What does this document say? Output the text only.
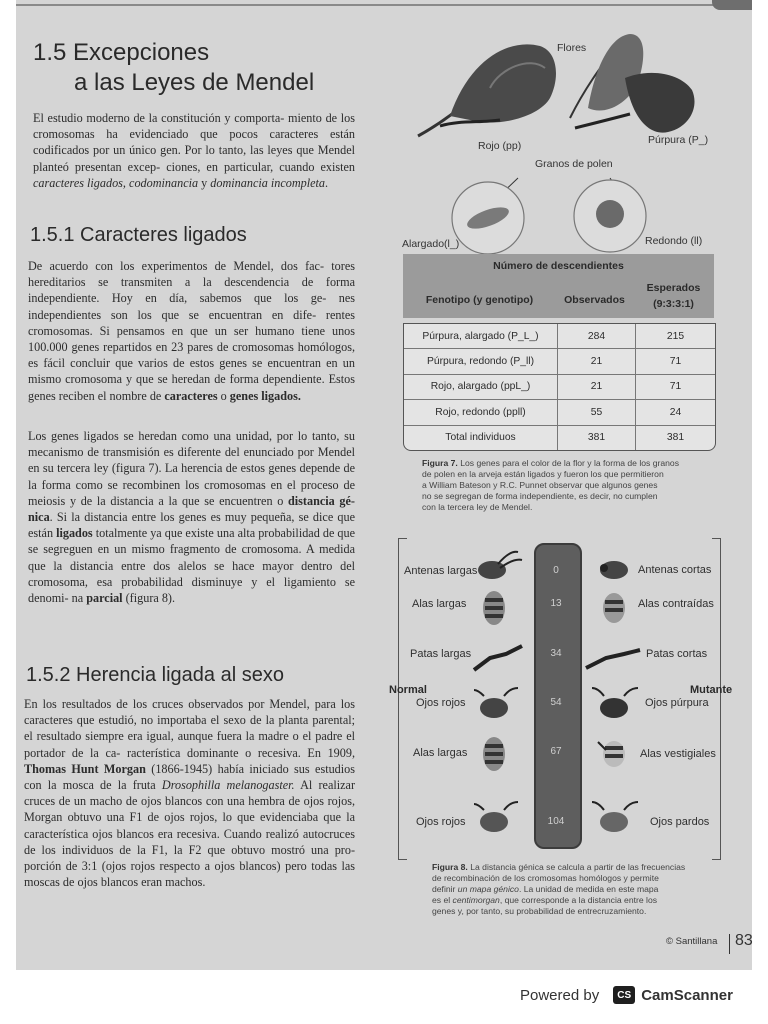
1.5 Excepciones
a las Leyes de Mendel
El estudio moderno de la constitución y comporta- miento de los cromosomas ha evidenciado que pocos caracteres están codificados por un único gen. Por lo tanto, las leyes que Mendel planteó presentan excep- ciones, en particular, cuando existen caracteres ligados, codominancia y dominancia incompleta.
1.5.1 Caracteres ligados
De acuerdo con los experimentos de Mendel, dos fac- tores hereditarios se transmiten a la descendencia de forma independiente. Hoy en día, sabemos que los ge- nes independientes son los que se encuentran en dife- rentes cromosomas. Si pensamos en que un ser humano tiene unos 100.000 genes repartidos en 23 pares de cromosomas homólogos, es fácil concluir que varios de estos genes se encuentran en un mismo cromosoma y que se heredan de forma dependiente. Estos genes reciben el nombre de caracteres o genes ligados.
Los genes ligados se heredan como una unidad, por lo tanto, su mecanismo de transmisión es diferente del enunciado por Mendel en su tercera ley (figura 7). La herencia de estos genes depende de la forma como se recombinen los cromosomas en el proceso de meiosis y de la distancia a la que se encuentren o distancia gé- nica. Si la distancia entre los genes es muy pequeña, se dice que están ligados totalmente ya que existe una alta probabilidad de que se segreguen en un mismo fragmento de cromosoma. A medida que la distancia entre dos alelos se hace mayor dentro del cromosoma, esa probabilidad disminuye y el ligamiento se denomi- na parcial (figura 8).
1.5.2 Herencia ligada al sexo
En los resultados de los cruces observados por Mendel, para los caracteres que estudió, no importaba el sexo de la planta parental; el resultado siempre era igual, aunque fuera la madre o el padre el portador de la ca- racterística dominante o recesiva. En 1909, Thomas Hunt Morgan (1866-1945) había iniciado sus estudios con la mosca de la fruta Drosophilla melanogaster. Al realizar cruces de un macho de ojos blancos con una hembra de ojos rojos, Morgan obtuvo una F1 de ojos rojos, lo que evidenciaba que la característica ojos blancos era recesiva. Cuando realizó autocruces de los individuos de la F1, la F2 que obtuvo mostró una pro- porción de 3:1 (ojos rojos respecto a ojos blancos) pero todas las moscas de ojos blancos eran machos.
Flores
Rojo (pp)	Púrpura (P_)
Granos de polen
Alargado(l_)	Redondo (ll)
Número de descendientes
Fenotipo (y genotipo)	Observados
Esperados
(9:3:3:1)
Púrpura, alargado (P_L_)	284	215
Púrpura, redondo (P_ll)	21	71
Rojo, alargado (ppL_)	21	71
Rojo, redondo (ppll)	55	24
Total individuos	381	381
Figura 7. Los genes para el color de la flor y la forma de los granos
de polen en la arveja están ligados y fueron los que permitieron
a William Bateson y R.C. Punnet observar que algunos genes
no se segregan de forma independiente, es decir, no cumplen
con la tercera ley de Mendel.
Normal	Mutante
0
13
34
54
67
104
Antenas largas
Alas largas
Patas largas
Ojos rojos
Alas largas
Ojos rojos
Antenas cortas
Alas contraídas
Patas cortas
Ojos púrpura
Alas vestigiales
Ojos pardos
Figura 8. La distancia génica se calcula a partir de las frecuencias
de recombinación de los cromosomas homólogos y permite
definir un mapa génico. La unidad de medida en este mapa
es el centimorgan, que corresponde a la distancia entre los
genes y, por tanto, su probabilidad de entrecruzamiento.
© Santillana 83
Powered by	CS CamScanner
